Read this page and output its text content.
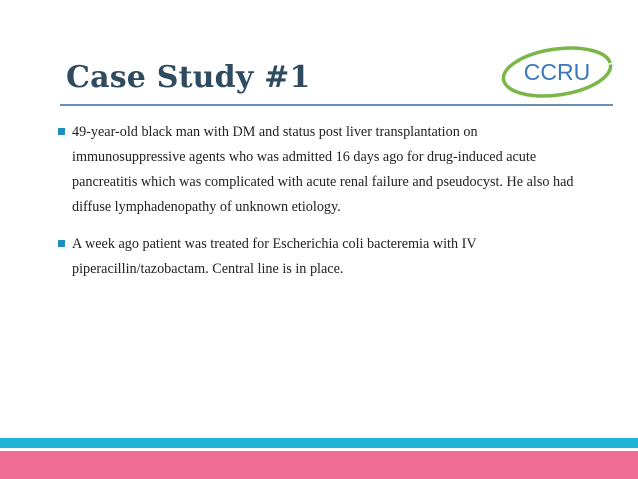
Case Study #1	CCRU
49-year-old black man with DM and status post liver transplantation on immunosuppressive agents who was admitted 16 days ago for drug-induced acute pancreatitis which was complicated with acute renal failure and pseudocyst. He also had diffuse lymphadenopathy of unknown etiology.
A week ago patient was treated for Escherichia coli bacteremia with IV piperacillin/tazobactam. Central line is in place.
